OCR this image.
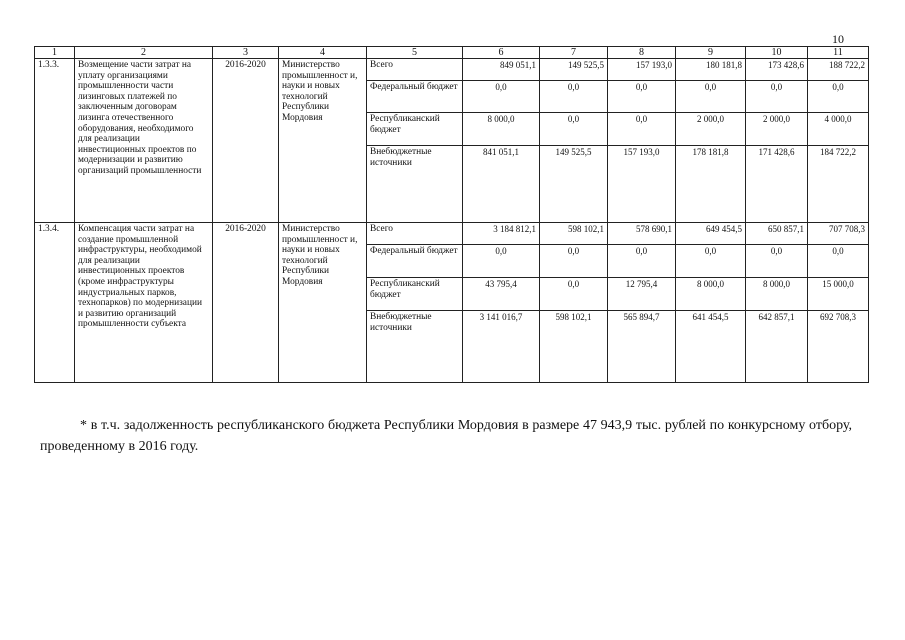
10
1	2	3	4	5	6	7	8	9	10	11
1.3.3.	Возмещение части затрат на уплату организациями промышленности части лизинговых платежей по заключенным договорам лизинга отечественного оборудования, необходимого для реализации инвестиционных проектов по модернизации и развитию организаций промышленности	2016-2020	Министерство промышленност и, науки и новых технологий Республики Мордовия	Всего	849 051,1	149 525,5	157 193,0	180 181,8	173 428,6	188 722,2
				Федеральный бюджет	0,0	0,0	0,0	0,0	0,0	0,0
				Республиканский бюджет	8 000,0	0,0	0,0	2 000,0	2 000,0	4 000,0
				Внебюджетные источники	841 051,1	149 525,5	157 193,0	178 181,8	171 428,6	184 722,2
1.3.4.	Компенсация части затрат на создание промышленной инфраструктуры, необходимой для реализации инвестиционных проектов (кроме инфраструктуры индустриальных парков, технопарков) по модернизации и развитию организаций промышленности субъекта	2016-2020	Министерство промышленност и, науки и новых технологий Республики Мордовия	Всего	3 184 812,1	598 102,1	578 690,1	649 454,5	650 857,1	707 708,3
				Федеральный бюджет	0,0	0,0	0,0	0,0	0,0	0,0
				Республиканский бюджет	43 795,4	0,0	12 795,4	8 000,0	8 000,0	15 000,0
				Внебюджетные источники	3 141 016,7	598 102,1	565 894,7	641 454,5	642 857,1	692 708,3
* в т.ч. задолженность республиканского бюджета Республики Мордовия в размере 47 943,9 тыс. рублей по конкурсному отбору, проведенному в 2016 году.
